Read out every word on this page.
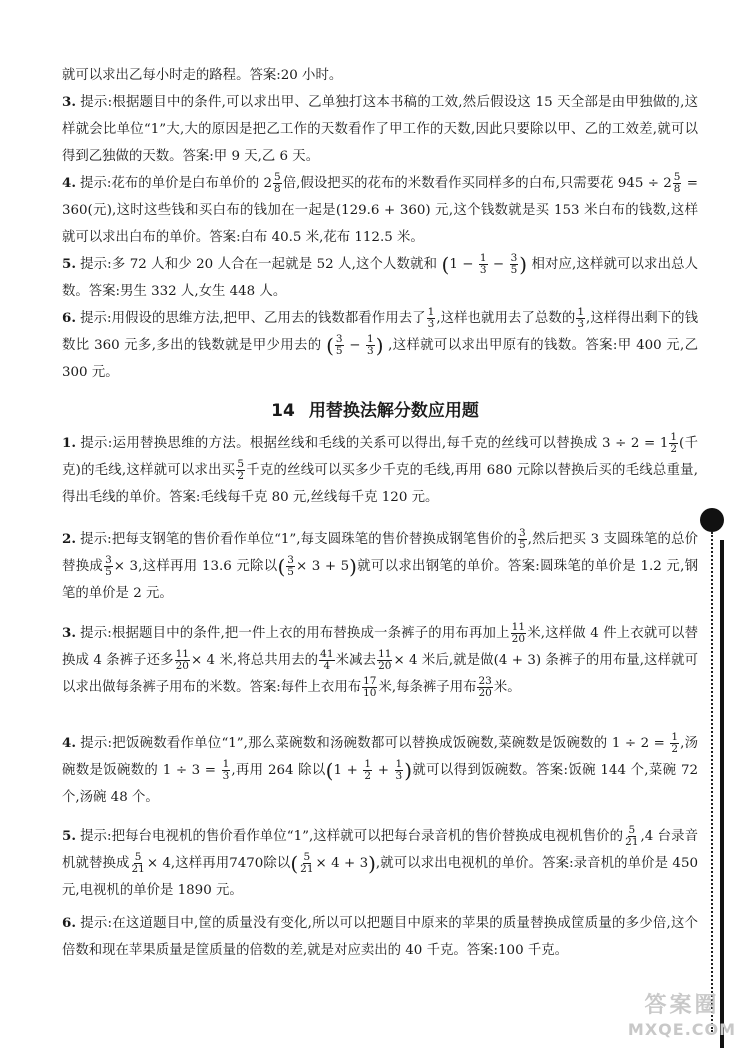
就可以求出乙每小时走的路程。答案:20 小时。
3. 提示:根据题目中的条件,可以求出甲、乙单独打这本书稿的工效,然后假设这 15 天全部是由甲独做的,这样就会比单位“1”大,大的原因是把乙工作的天数看作了甲工作的天数,因此只要除以甲、乙的工效差,就可以得到乙独做的天数。答案:甲 9 天,乙 6 天。
4. 提示:花布的单价是白布单价的 $2 \frac{5}{8}$ 倍,假设把买的花布的米数看作买同样多的白布,只需要花 $945 \div 2 \frac{5}{8} = 360$(元),这时这些钱和买白布的钱加在一起是(129.6 + 360) 元,这个钱数就是买 153 米白布的钱数,这样就可以求出白布的单价。答案:白布 40.5 米,花布 112.5 米。
5. 提示:多 72 人和少 20 人合在一起就是 52 人,这个人数就和 ($1 - \frac{1}{3} - \frac{3}{5}$ ) 相对应,这样就可以求出总人数。答案:男生 332 人,女生 448 人。
6. 提示:用假设的思维方法,把甲、乙用去的钱数都看作用去了 $\frac{1}{3}$ ,这样也就用去了总数的 $\frac{1}{3}$ ,这样得出剩下的钱数比 360 元多,多出的钱数就是甲少用去的 ( $\frac{3}{5} - \frac{1}{3}$ ) ,这样就可以求出甲原有的钱数。答案:甲 400 元,乙 300 元。
14 用替换法解分数应用题
1. 提示:运用替换思维的方法。根据丝线和毛线的关系可以得出,每千克的丝线可以替换成 $3 \div 2 = 1 \frac{1}{2}$ (千克)的毛线,这样就可以求出买 $\frac{5}{2}$ 千克的丝线可以买多少千克的毛线,再用 680 元除以替换后买的毛线总重量,得出毛线的单价。答案:毛线每千克 80 元,丝线每千克 120 元。
2. 提示:把每支钢笔的售价看作单位“1”,每支圆珠笔的售价替换成钢笔售价的 $\frac{3}{5}$ ,然后把买 3 支圆珠笔的总价替换成 $\frac{3}{5} \times 3$,这样再用 13.6 元除以( $\frac{3}{5} \times 3 + 5$)就可以求出钢笔的单价。答案:圆珠笔的单价是 1.2 元,钢笔的单价是 2 元。
3. 提示:根据题目中的条件,把一件上衣的用布替换成一条裤子的用布再加上 $\frac{11}{20}$ 米,这样做 4 件上衣就可以替换成 4 条裤子还多 $\frac{11}{20} \times 4$ 米,将总共用去的 $\frac{41}{4}$ 米减去 $\frac{11}{20} \times 4$ 米后,就是做(4 + 3) 条裤子的用布量,这样就可以求出做每条裤子用布的米数。答案:每件上衣用布 $\frac{17}{10}$ 米,每条裤子用布 $\frac{23}{20}$ 米。
4. 提示:把饭碗数看作单位“1”,那么菜碗数和汤碗数都可以替换成饭碗数,菜碗数是饭碗数的 $1 \div 2 = \frac{1}{2}$ ,汤碗数是饭碗数的 $1 \div 3 = \frac{1}{3}$ ,再用 264 除以($1 + \frac{1}{2} + \frac{1}{3}$ )就可以得到饭碗数。答案:饭碗 144 个,菜碗 72 个,汤碗 48 个。
5. 提示:把每台电视机的售价看作单位“1”,这样就可以把每台录音机的售价替换成电视机售价的 $\frac{5}{21} ,4$ 台录音机就替换成 $\frac{5}{21} \times 4$,这样再用7470除以( $\frac{5}{21} \times 4 + 3$),就可以求出电视机的单价。答案:录音机的单价是 450 元,电视机的单价是 1890 元。
6. 提示:在这道题目中,筐的质量没有变化,所以可以把题目中原来的苹果的质量替换成筐质量的多少倍,这个倍数和现在苹果质量是筐质量的倍数的差,就是对应卖出的 40 千克。答案:100 千克。
答案圈
MXQE.COM
